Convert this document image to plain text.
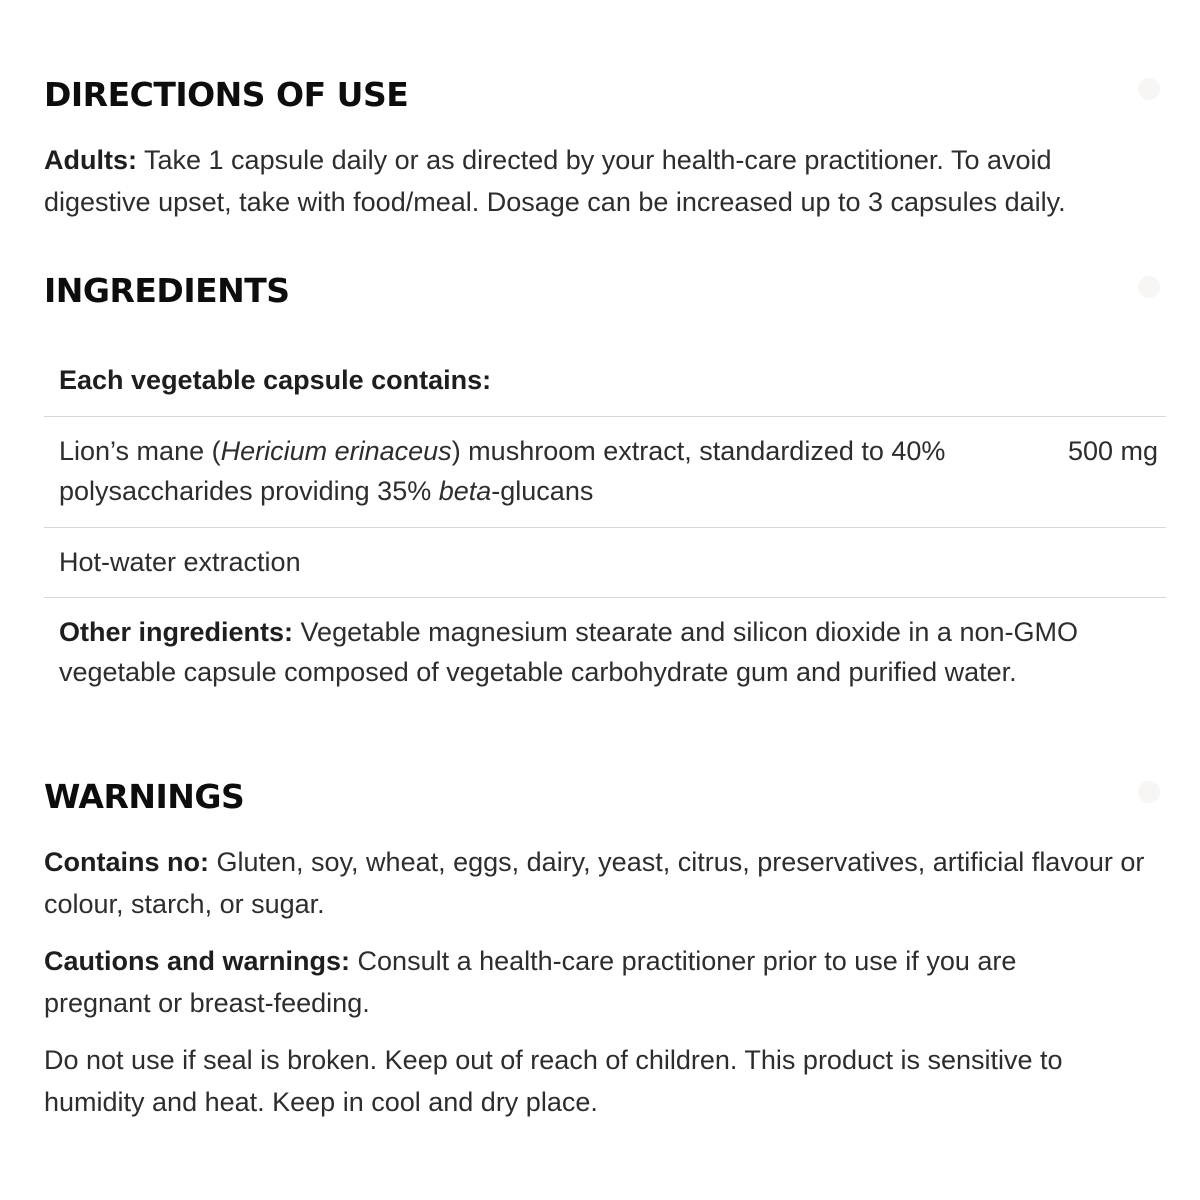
DIRECTIONS OF USE

Adults: Take 1 capsule daily or as directed by your health-care practitioner. To avoid digestive upset, take with food/meal. Dosage can be increased up to 3 capsules daily.

INGREDIENTS

Each vegetable capsule contains:

Lion’s mane (Hericium erinaceus) mushroom extract, standardized to 40% polysaccharides providing 35% beta-glucans

500 mg

Hot-water extraction

Other ingredients: Vegetable magnesium stearate and silicon dioxide in a non-GMO vegetable capsule composed of vegetable carbohydrate gum and purified water.

WARNINGS

Contains no: Gluten, soy, wheat, eggs, dairy, yeast, citrus, preservatives, artificial flavour or colour, starch, or sugar.

Cautions and warnings: Consult a health-care practitioner prior to use if you are pregnant or breast-feeding.

Do not use if seal is broken. Keep out of reach of children. This product is sensitive to humidity and heat. Keep in cool and dry place.
